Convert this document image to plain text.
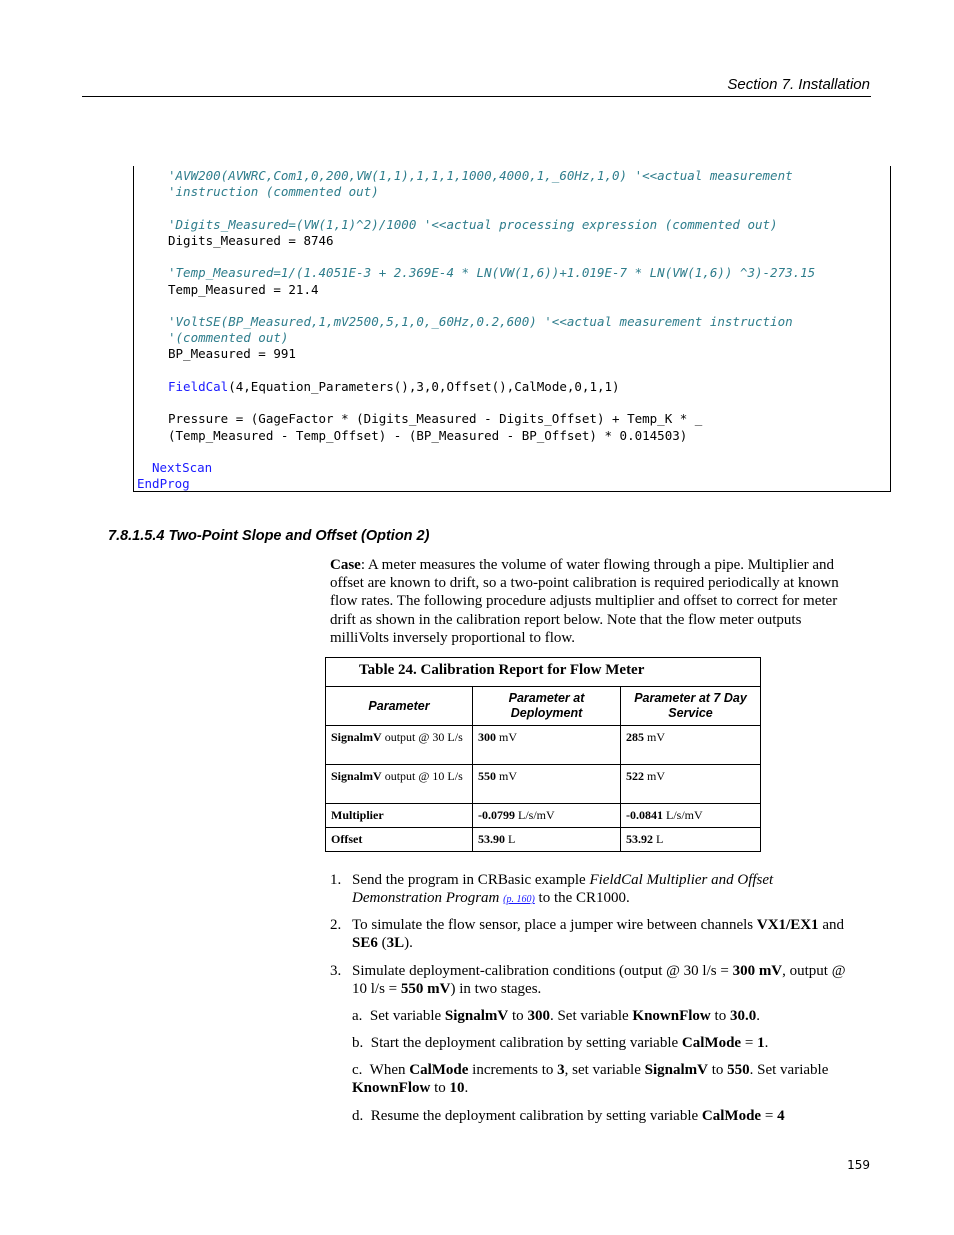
Section 7. Installation
'AVW200(AVWRC,Com1,0,200,VW(1,1),1,1,1,1000,4000,1,_60Hz,1,0) '<<actual measurement
'instruction (commented out)
'Digits_Measured=(VW(1,1)^2)/1000 '<<actual processing expression (commented out)
Digits_Measured = 8746
'Temp_Measured=1/(1.4051E-3 + 2.369E-4 * LN(VW(1,6))+1.019E-7 * LN(VW(1,6)) ^3)-273.15
Temp_Measured = 21.4
'VoltSE(BP_Measured,1,mV2500,5,1,0,_60Hz,0.2,600) '<<actual measurement instruction
'(commented out)
BP_Measured = 991
FieldCal(4,Equation_Parameters(),3,0,Offset(),CalMode,0,1,1)
Pressure = (GageFactor * (Digits_Measured - Digits_Offset) + Temp_K * _
(Temp_Measured - Temp_Offset) - (BP_Measured - BP_Offset) * 0.014503)
NextScan
EndProg
7.8.1.5.4 Two-Point Slope and Offset (Option 2)
Case: A meter measures the volume of water flowing through a pipe. Multiplier and offset are known to drift, so a two-point calibration is required periodically at known flow rates. The following procedure adjusts multiplier and offset to correct for meter drift as shown in the calibration report below. Note that the flow meter outputs milliVolts inversely proportional to flow.
Table 24. Calibration Report for Flow Meter		
Parameter	Parameter at Deployment	Parameter at 7 Day Service
SignalmV output @ 30 L/s	300 mV	285 mV
SignalmV output @ 10 L/s	550 mV	522 mV
Multiplier	-0.0799 L/s/mV	-0.0841 L/s/mV
Offset	53.90 L	53.92 L
1. Send the program in CRBasic example FieldCal Multiplier and Offset Demonstration Program (p. 160) to the CR1000.
2. To simulate the flow sensor, place a jumper wire between channels VX1/EX1 and SE6 (3L).
3. Simulate deployment-calibration conditions (output @ 30 l/s = 300 mV, output @ 10 l/s = 550 mV) in two stages.
a. Set variable SignalmV to 300. Set variable KnownFlow to 30.0.
b. Start the deployment calibration by setting variable CalMode = 1.
c. When CalMode increments to 3, set variable SignalmV to 550. Set variable KnownFlow to 10.
d. Resume the deployment calibration by setting variable CalMode = 4
159
